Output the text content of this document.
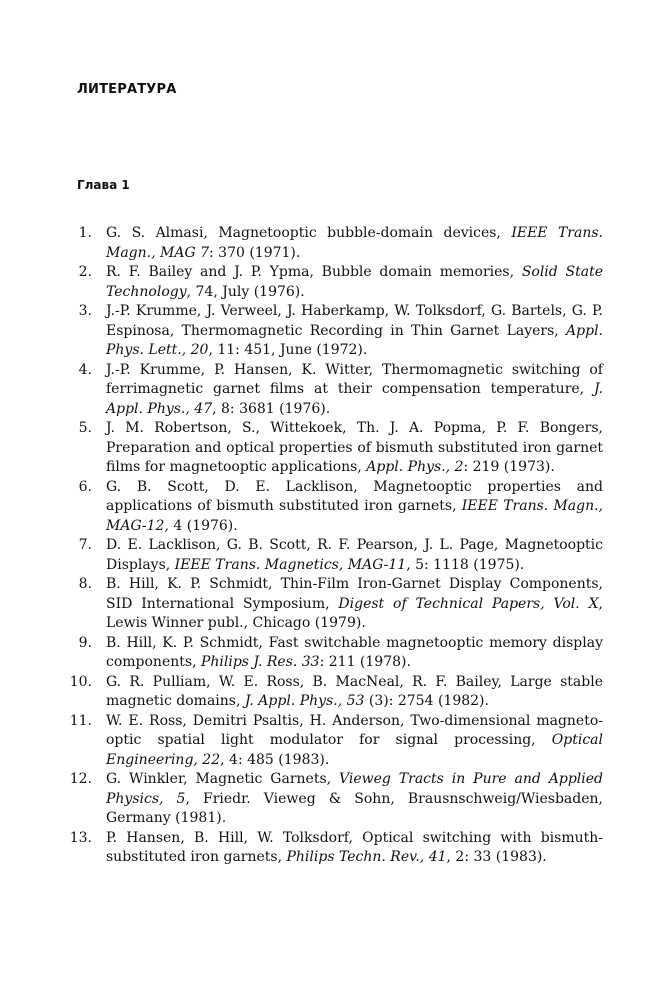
ЛИТЕРАТУРА
Глава 1
1.	G. S. Almasi, Magnetooptic bubble-domain devices, IEEE Trans. Magn., MAG 7: 370 (1971).
2.	R. F. Bailey and J. P. Ypma, Bubble domain memories, Solid State Technology, 74, July (1976).
3.	J.-P. Krumme, J. Verweel, J. Haberkamp, W. Tolksdorf, G. Bartels, G. P. Espinosa, Thermomagnetic Recording in Thin Garnet Layers, Appl. Phys. Lett., 20, 11: 451, June (1972).
4.	J.-P. Krumme, P. Hansen, K. Witter, Thermomagnetic switching of ferrimagnetic garnet films at their compensation temperature, J. Appl. Phys., 47, 8: 3681 (1976).
5.	J. M. Robertson, S., Wittekoek, Th. J. A. Popma, P. F. Bongers, Preparation and optical properties of bismuth substituted iron garnet films for magnetooptic applications, Appl. Phys., 2: 219 (1973).
6.	G. B. Scott, D. E. Lacklison, Magnetooptic properties and applications of bismuth substituted iron garnets, IEEE Trans. Magn., MAG-12, 4 (1976).
7.	D. E. Lacklison, G. B. Scott, R. F. Pearson, J. L. Page, Magnetooptic Displays, IEEE Trans. Magnetics, MAG-11, 5: 1118 (1975).
8.	B. Hill, K. P. Schmidt, Thin-Film Iron-Garnet Display Components, SID International Symposium, Digest of Technical Papers, Vol. X, Lewis Winner publ., Chicago (1979).
9.	B. Hill, K. P. Schmidt, Fast switchable magnetooptic memory display components, Philips J. Res. 33: 211 (1978).
10.	G. R. Pulliam, W. E. Ross, B. MacNeal, R. F. Bailey, Large stable magnetic domains, J. Appl. Phys., 53 (3): 2754 (1982).
11.	W. E. Ross, Demitri Psaltis, H. Anderson, Two-dimensional magneto-optic spatial light modulator for signal processing, Optical Engineering, 22, 4: 485 (1983).
12.	G. Winkler, Magnetic Garnets, Vieweg Tracts in Pure and Applied Physics, 5, Friedr. Vieweg & Sohn, Brausnschweig/Wiesbaden, Germany (1981).
13.	P. Hansen, B. Hill, W. Tolksdorf, Optical switching with bismuth-substituted iron garnets, Philips Techn. Rev., 41, 2: 33 (1983).
